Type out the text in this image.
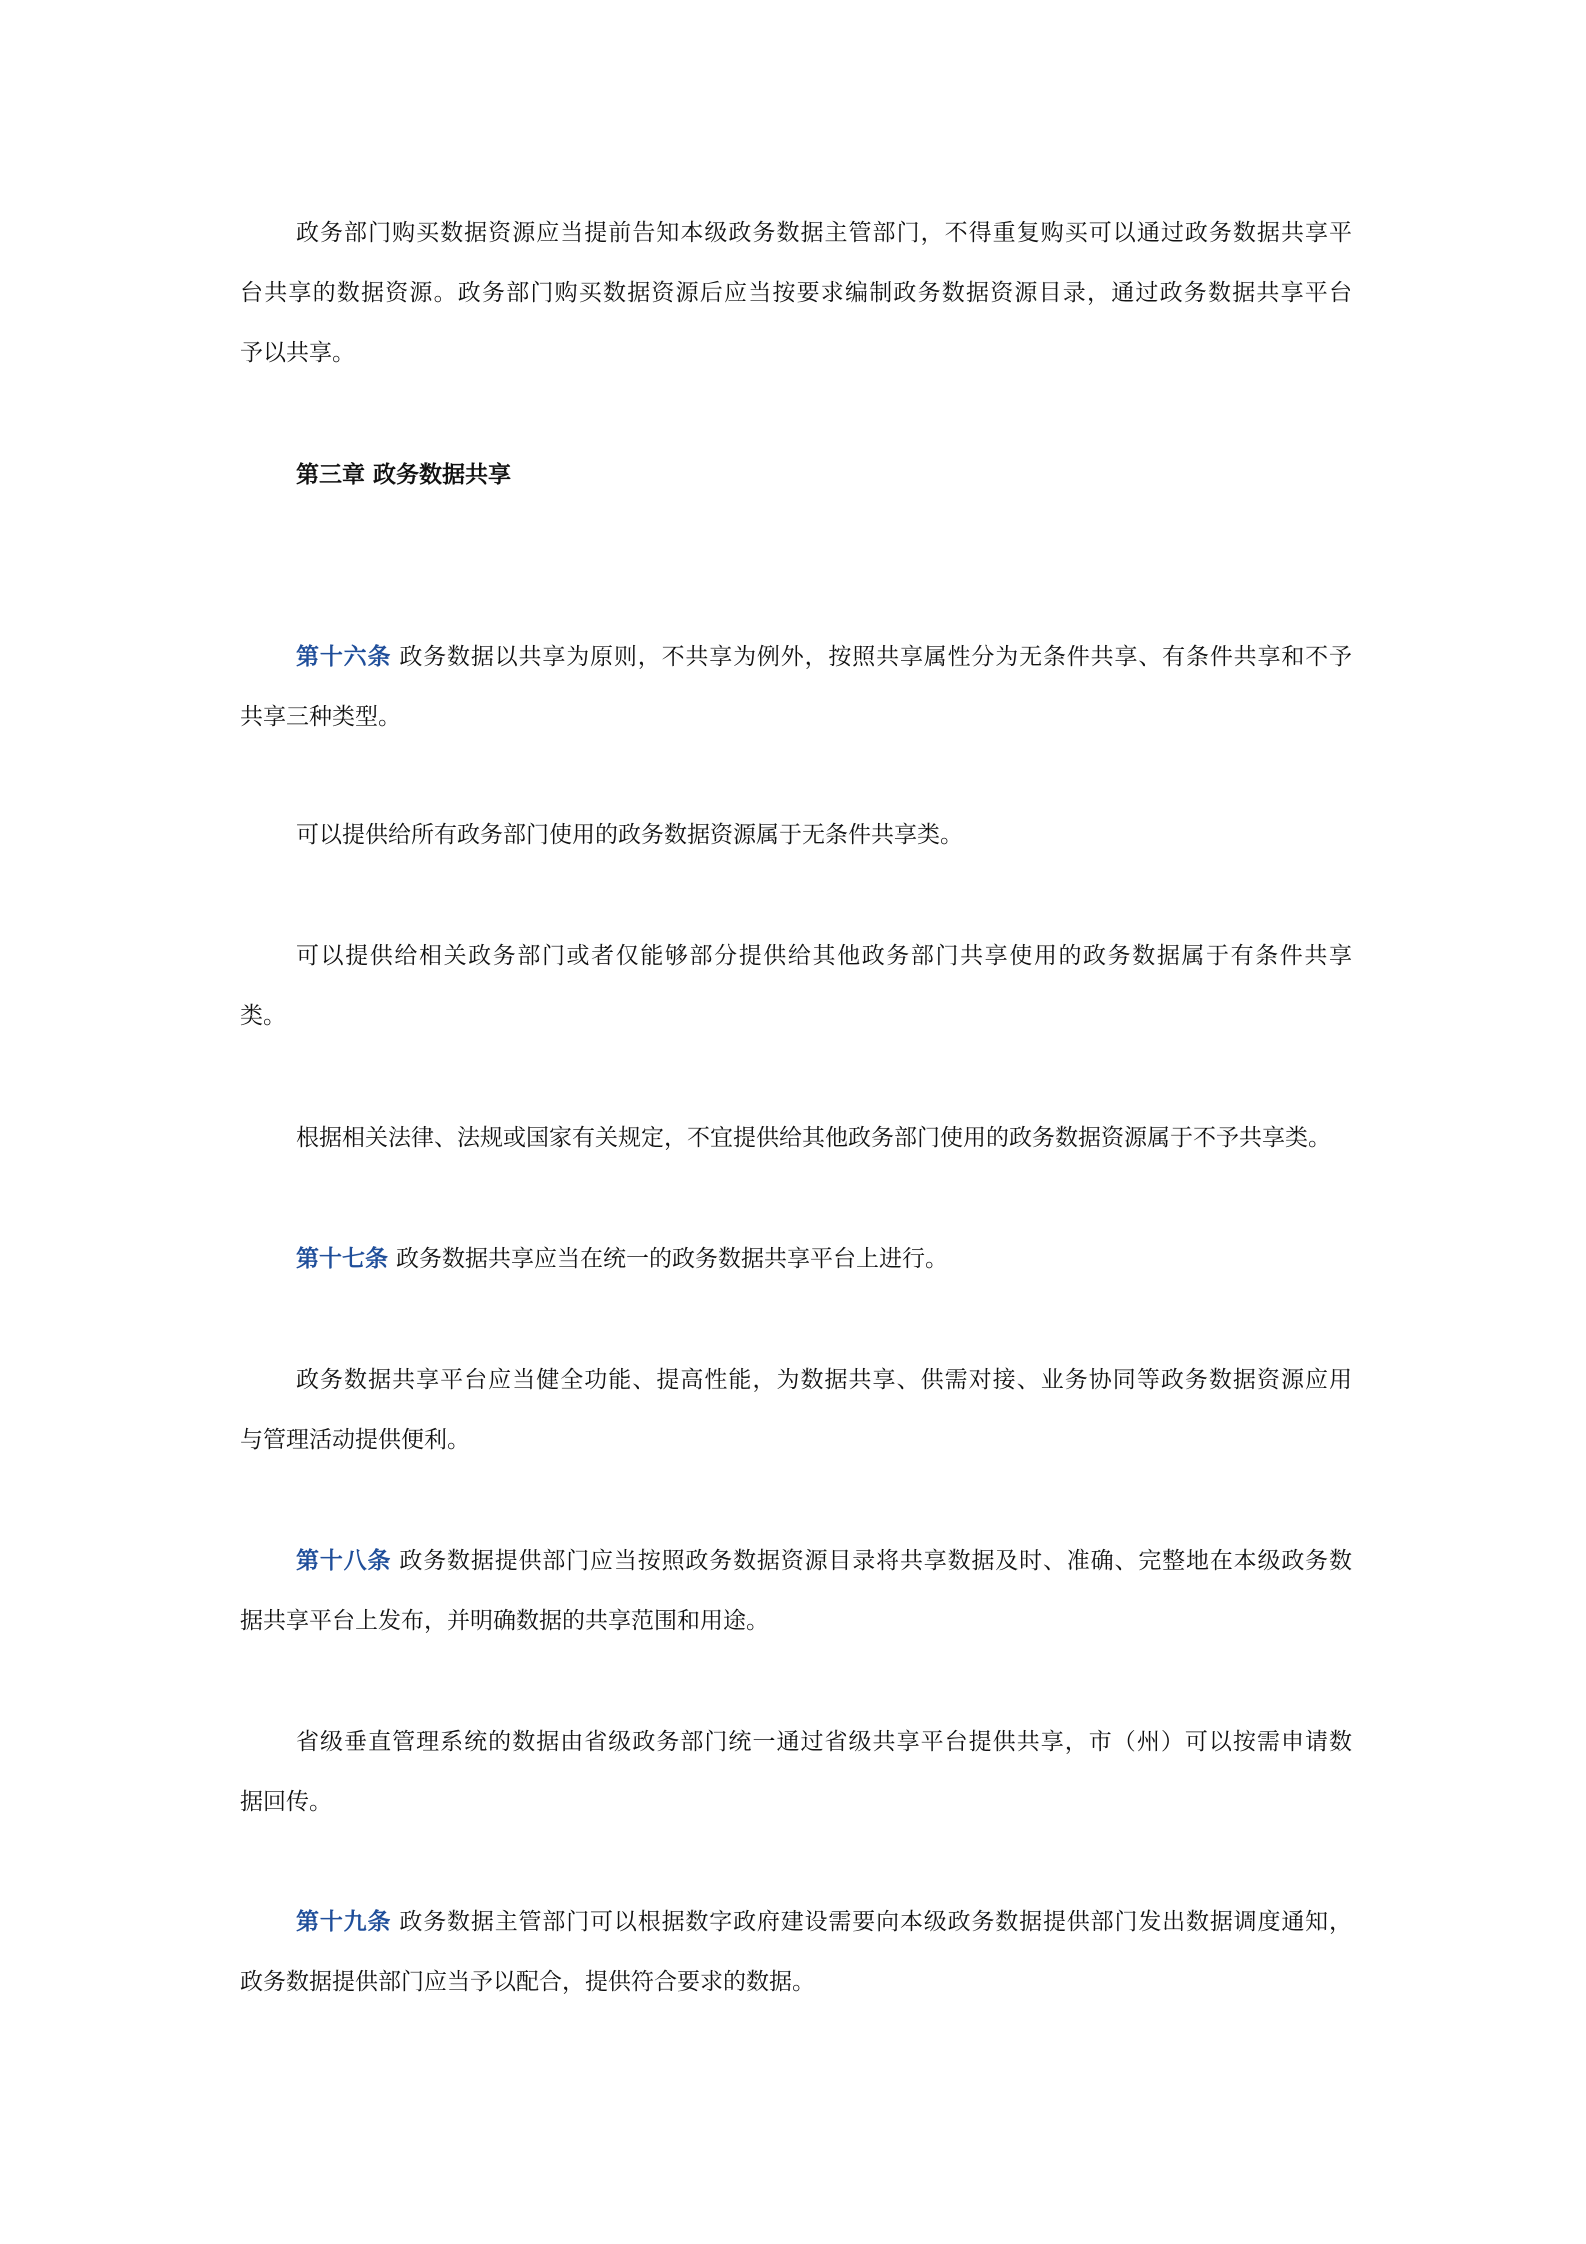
政务部门购买数据资源应当提前告知本级政务数据主管部门，不得重复购买可以通过政务数据共享平
台共享的数据资源。政务部门购买数据资源后应当按要求编制政务数据资源目录，通过政务数据共享平台
予以共享。
第三章 政务数据共享
第十六条 政务数据以共享为原则，不共享为例外，按照共享属性分为无条件共享、有条件共享和不予
共享三种类型。
可以提供给所有政务部门使用的政务数据资源属于无条件共享类。
可以提供给相关政务部门或者仅能够部分提供给其他政务部门共享使用的政务数据属于有条件共享
类。
根据相关法律、法规或国家有关规定，不宜提供给其他政务部门使用的政务数据资源属于不予共享类。
第十七条 政务数据共享应当在统一的政务数据共享平台上进行。
政务数据共享平台应当健全功能、提高性能，为数据共享、供需对接、业务协同等政务数据资源应用
与管理活动提供便利。
第十八条 政务数据提供部门应当按照政务数据资源目录将共享数据及时、准确、完整地在本级政务数
据共享平台上发布，并明确数据的共享范围和用途。
省级垂直管理系统的数据由省级政务部门统一通过省级共享平台提供共享，市（州）可以按需申请数
据回传。
第十九条 政务数据主管部门可以根据数字政府建设需要向本级政务数据提供部门发出数据调度通知，
政务数据提供部门应当予以配合，提供符合要求的数据。
